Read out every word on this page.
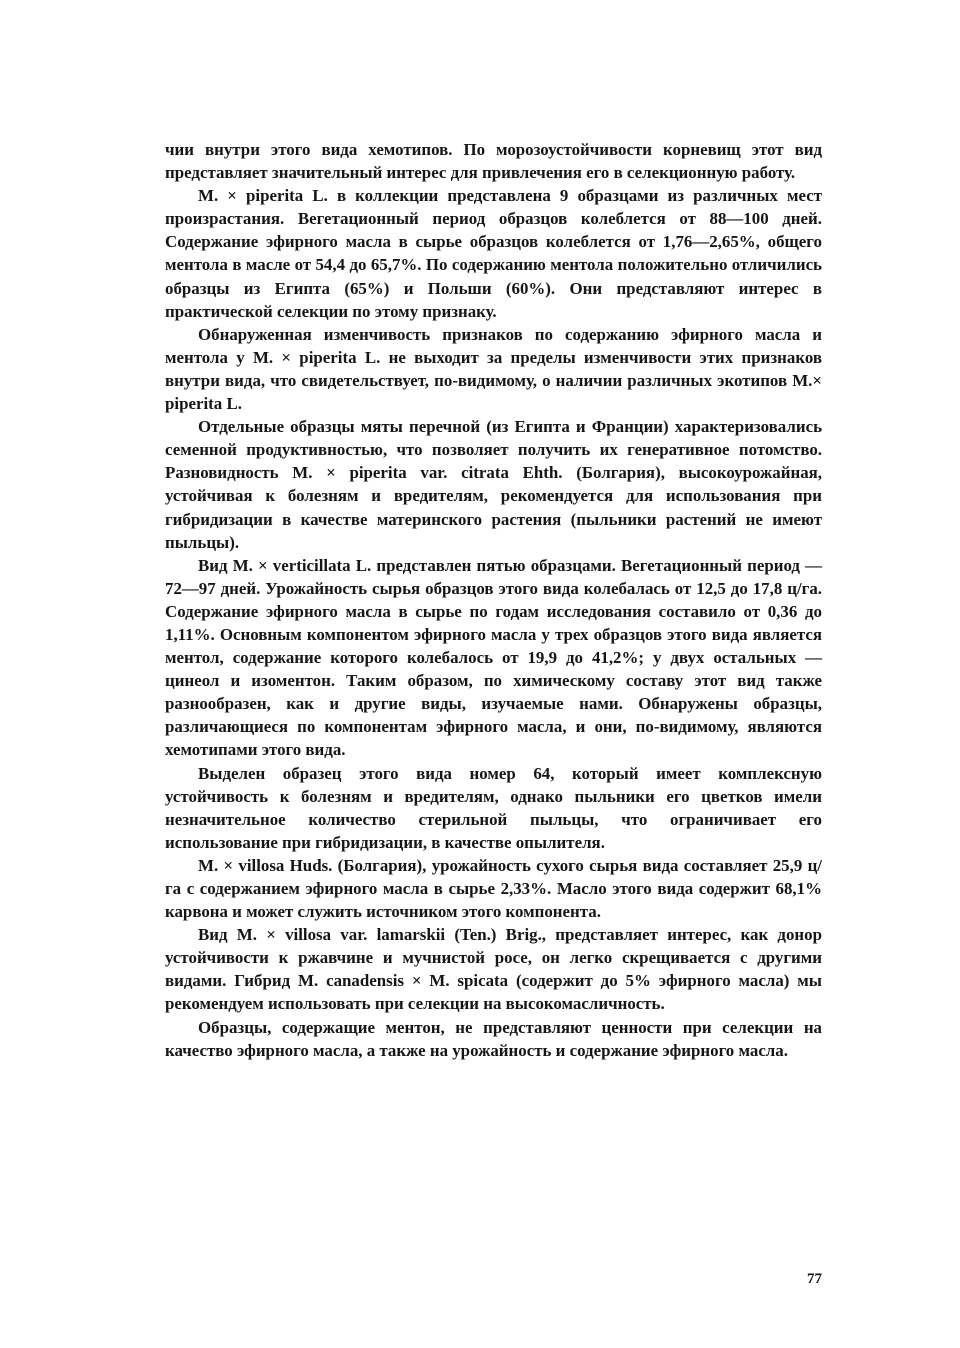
чии внутри этого вида хемотипов. По морозоустойчивости корневищ этот вид представляет значительный интерес для привлечения его в селекционную работу.

M. × piperita L. в коллекции представлена 9 образцами из различных мест произрастания. Вегетационный период образцов колеблется от 88—100 дней. Содержание эфирного масла в сырье образцов колеблется от 1,76—2,65%, общего ментола в масле от 54,4 до 65,7%. По содержанию ментола положительно отличились образцы из Египта (65%) и Польши (60%). Они представляют интерес в практической селекции по этому признаку.

Обнаруженная изменчивость признаков по содержанию эфирного масла и ментола у M. × piperita L. не выходит за пределы изменчивости этих признаков внутри вида, что свидетельствует, по-видимому, о наличии различных экотипов M.× piperita L.

Отдельные образцы мяты перечной (из Египта и Франции) характеризовались семенной продуктивностью, что позволяет получить их генеративное потомство. Разновидность M. × piperita var. citrata Ehth. (Болгария), высокоурожайная, устойчивая к болезням и вредителям, рекомендуется для использования при гибридизации в качестве материнского растения (пыльники растений не имеют пыльцы).

Вид M. × verticillata L. представлен пятью образцами. Вегетационный период — 72—97 дней. Урожайность сырья образцов этого вида колебалась от 12,5 до 17,8 ц/га. Содержание эфирного масла в сырье по годам исследования составило от 0,36 до 1,11%. Основным компонентом эфирного масла у трех образцов этого вида является ментол, содержание которого колебалось от 19,9 до 41,2%; у двух остальных — цинеол и изоментон. Таким образом, по химическому составу этот вид также разнообразен, как и другие виды, изучаемые нами. Обнаружены образцы, различающиеся по компонентам эфирного масла, и они, по-видимому, являются хемотипами этого вида.

Выделен образец этого вида номер 64, который имеет комплексную устойчивость к болезням и вредителям, однако пыльники его цветков имели незначительное количество стерильной пыльцы, что ограничивает его использование при гибридизации, в качестве опылителя.

M. × villosa Huds. (Болгария), урожайность сухого сырья вида составляет 25,9 ц/га с содержанием эфирного масла в сырье 2,33%. Масло этого вида содержит 68,1% карвона и может служить источником этого компонента.

Вид M. × villosa var. lamarskii (Ten.) Brig., представляет интерес, как донор устойчивости к ржавчине и мучнистой росе, он легко скрещивается с другими видами. Гибрид M. canadensis × M. spicata (содержит до 5% эфирного масла) мы рекомендуем использовать при селекции на высокомасличность.

Образцы, содержащие ментон, не представляют ценности при селекции на качество эфирного масла, а также на урожайность и содержание эфирного масла.

77
